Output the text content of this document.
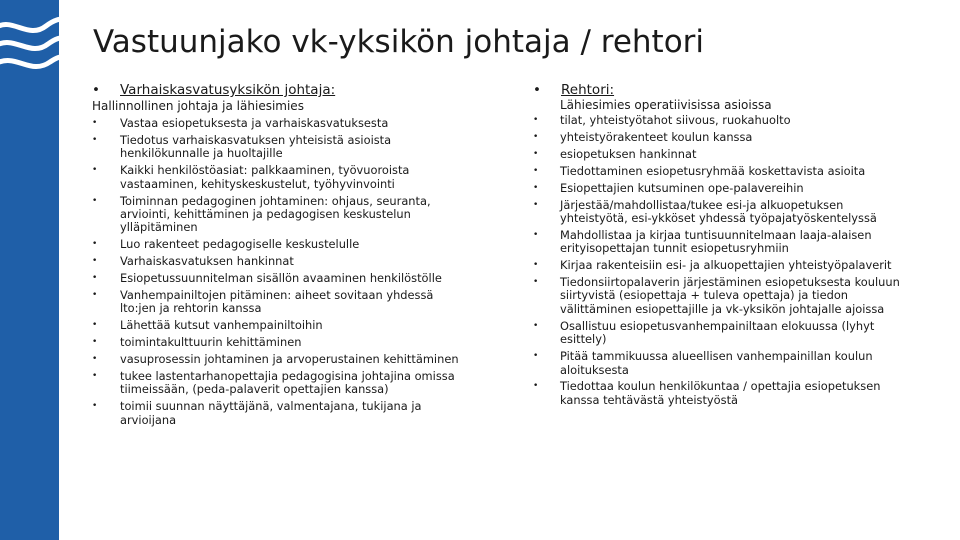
Vastuunjako vk-yksikön johtaja / rehtori
• Varhaiskasvatusyksikön johtaja:
Hallinnollinen johtaja ja lähiesimies
• Vastaa esiopetuksesta ja varhaiskasvatuksesta
• Tiedotus varhaiskasvatuksen yhteisistä asioista henkilökunnalle ja huoltajille
• Kaikki henkilöstöasiat: palkkaaminen, työvuoroista vastaaminen, kehityskeskustelut, työhyvinvointi
• Toiminnan pedagoginen johtaminen: ohjaus, seuranta, arviointi, kehittäminen ja pedagogisen keskustelun ylläpitäminen
• Luo rakenteet pedagogiselle keskustelulle
• Varhaiskasvatuksen hankinnat
• Esiopetussuunnitelman sisällön avaaminen henkilöstölle
• Vanhempainiltojen pitäminen: aiheet sovitaan yhdessä lto:jen ja rehtorin kanssa
• Lähettää kutsut vanhempainiltoihin
• toimintakulttuurin kehittäminen
• vasuprosessin johtaminen ja arvoperustainen kehittäminen
• tukee lastentarhanopettajia pedagogisina johtajina omissa tiimeissään, (peda-palaverit opettajien kanssa)
• toimii suunnan näyttäjänä, valmentajana, tukijana ja arvioijana
• Rehtori:
Lähiesimies operatiivisissa asioissa
• tilat, yhteistyötahot siivous, ruokahuolto
• yhteistyörakenteet koulun kanssa
• esiopetuksen hankinnat
• Tiedottaminen esiopetusryhmää koskettavista asioita
• Esiopettajien kutsuminen ope-palavereihin
• Järjestää/mahdollistaa/tukee esi-ja alkuopetuksen yhteistyötä, esi-ykköset yhdessä työpajatyöskentelyssä
• Mahdollistaa ja kirjaa tuntisuunnitelmaan laaja-alaisen erityisopettajan tunnit esiopetusryhmiin
• Kirjaa rakenteisiin esi- ja alkuopettajien yhteistyöpalaverit
• Tiedonsiirtopalaverin järjestäminen esiopetuksesta kouluun siirtyvistä (esiopettaja + tuleva opettaja) ja tiedon välittäminen esiopettajille ja vk-yksikön johtajalle ajoissa
• Osallistuu esiopetusvanhempainiltaan elokuussa (lyhyt esittely)
• Pitää tammikuussa alueellisen vanhempainillan koulun aloituksesta
• Tiedottaa koulun henkilökuntaa / opettajia esiopetuksen kanssa tehtävästä yhteistyöstä
